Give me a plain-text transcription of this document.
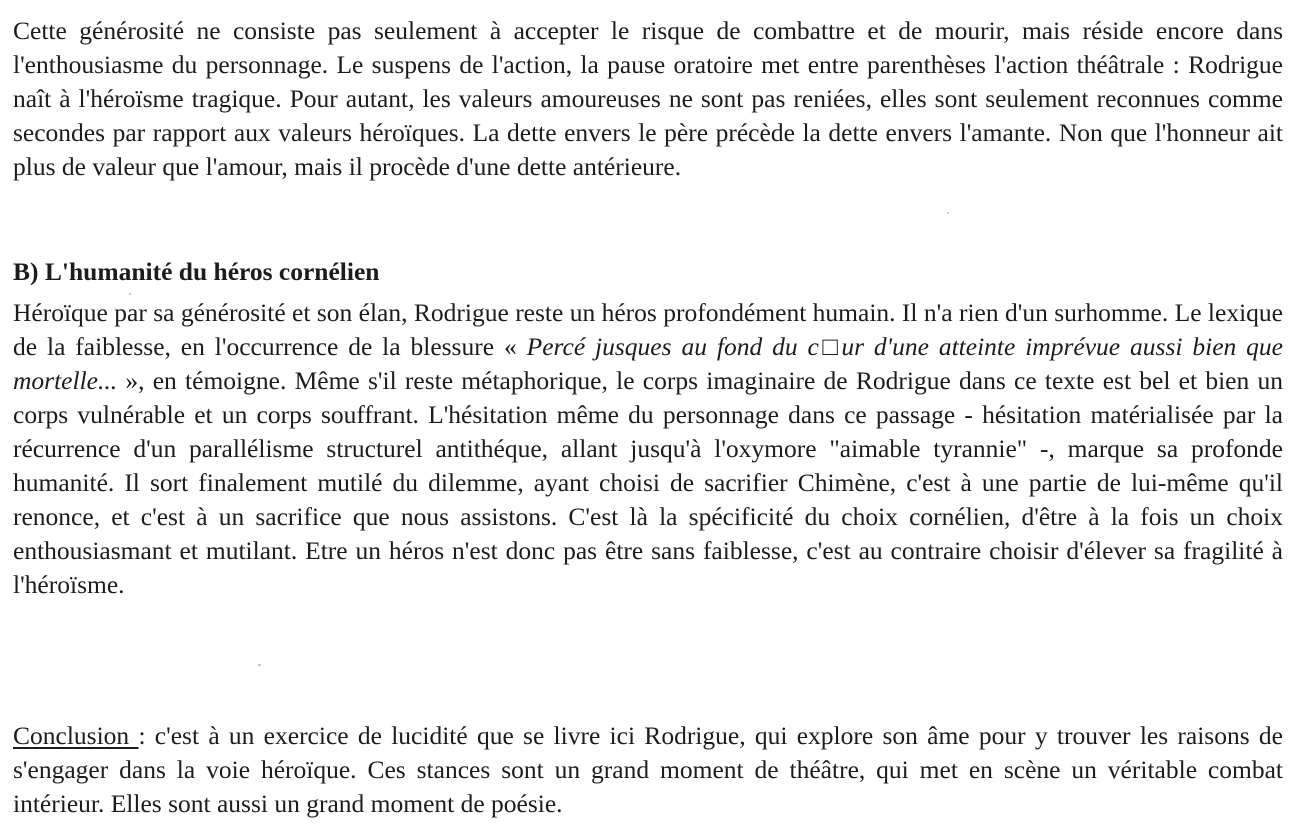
Cette générosité ne consiste pas seulement à accepter le risque de combattre et de mourir, mais réside encore dans l'enthousiasme du personnage. Le suspens de l'action, la pause oratoire met entre parenthèses l'action théâtrale : Rodrigue naît à l'héroïsme tragique. Pour autant, les valeurs amoureuses ne sont pas reniées, elles sont seulement reconnues comme secondes par rapport aux valeurs héroïques. La dette envers le père précède la dette envers l'amante. Non que l'honneur ait plus de valeur que l'amour, mais il procède d'une dette antérieure.

B) L'humanité du héros cornélien

Héroïque par sa générosité et son élan, Rodrigue reste un héros profondément humain. Il n'a rien d'un surhomme. Le lexique de la faiblesse, en l'occurrence de la blessure « Percé jusques au fond du c□ur d'une atteinte imprévue aussi bien que mortelle... », en témoigne. Même s'il reste métaphorique, le corps imaginaire de Rodrigue dans ce texte est bel et bien un corps vulnérable et un corps souffrant. L'hésitation même du personnage dans ce passage - hésitation matérialisée par la récurrence d'un parallélisme structurel antithéque, allant jusqu'à l'oxymore "aimable tyrannie" -, marque sa profonde humanité. Il sort finalement mutilé du dilemme, ayant choisi de sacrifier Chimène, c'est à une partie de lui-même qu'il renonce, et c'est à un sacrifice que nous assistons. C'est là la spécificité du choix cornélien, d'être à la fois un choix enthousiasmant et mutilant. Etre un héros n'est donc pas être sans faiblesse, c'est au contraire choisir d'élever sa fragilité à l'héroïsme.

Conclusion : c'est à un exercice de lucidité que se livre ici Rodrigue, qui explore son âme pour y trouver les raisons de s'engager dans la voie héroïque. Ces stances sont un grand moment de théâtre, qui met en scène un véritable combat intérieur. Elles sont aussi un grand moment de poésie.
